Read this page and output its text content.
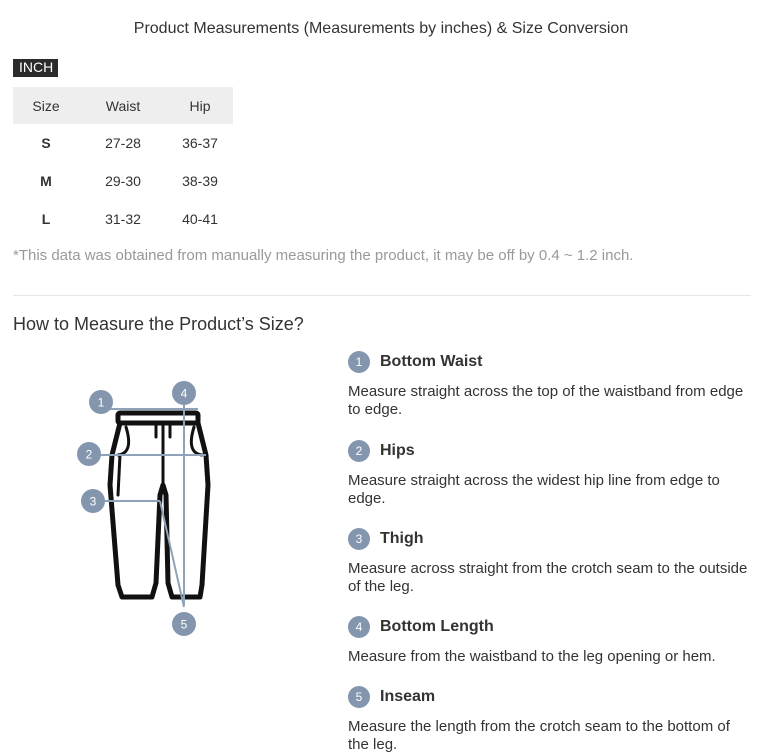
Product Measurements (Measurements by inches) & Size Conversion
INCH
Size	Waist	Hip
S	27-28	36-37
M	29-30	38-39
L	31-32	40-41
*This data was obtained from manually measuring the product, it may be off by 0.4 ~ 1.2 inch.
How to Measure the Product’s Size?
1
2
3
4
5
1	Bottom Waist
Measure straight across the top of the waistband from edge to edge.
2	Hips
Measure straight across the widest hip line from edge to edge.
3	Thigh
Measure across straight from the crotch seam to the outside of the leg.
4	Bottom Length
Measure from the waistband to the leg opening or hem.
5	Inseam
Measure the length from the crotch seam to the bottom of the leg.
